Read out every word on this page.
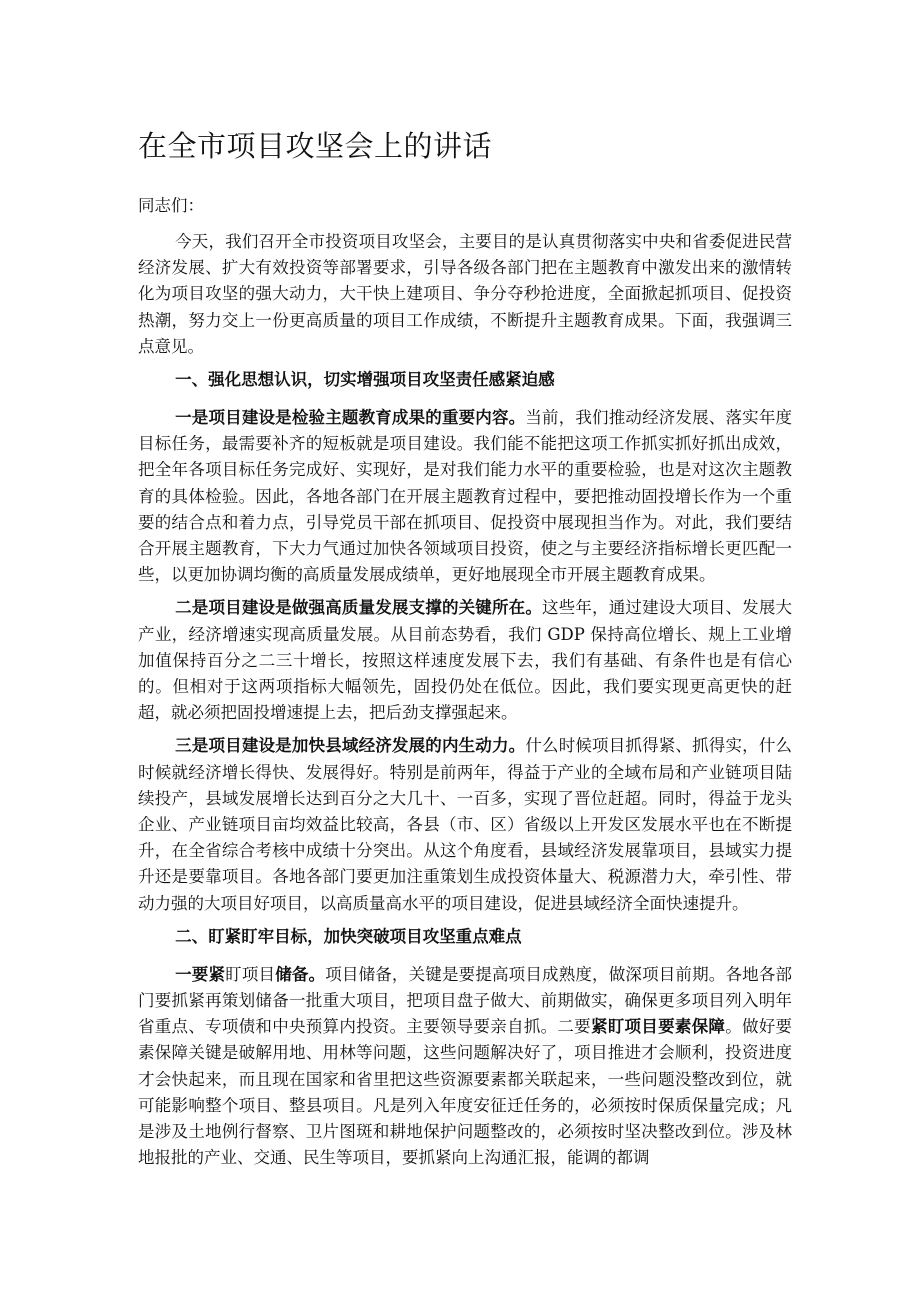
在全市项目攻坚会上的讲话

同志们：

今天，我们召开全市投资项目攻坚会，主要目的是认真贯彻落实中央和省委促进民营经济发展、扩大有效投资等部署要求，引导各级各部门把在主题教育中激发出来的激情转化为项目攻坚的强大动力，大干快上建项目、争分夺秒抢进度，全面掀起抓项目、促投资热潮，努力交上一份更高质量的项目工作成绩，不断提升主题教育成果。下面，我强调三点意见。

一、强化思想认识，切实增强项目攻坚责任感紧迫感

一是项目建设是检验主题教育成果的重要内容。当前，我们推动经济发展、落实年度目标任务，最需要补齐的短板就是项目建设。我们能不能把这项工作抓实抓好抓出成效，把全年各项目标任务完成好、实现好，是对我们能力水平的重要检验，也是对这次主题教育的具体检验。因此，各地各部门在开展主题教育过程中，要把推动固投增长作为一个重要的结合点和着力点，引导党员干部在抓项目、促投资中展现担当作为。对此，我们要结合开展主题教育，下大力气通过加快各领域项目投资，使之与主要经济指标增长更匹配一些，以更加协调均衡的高质量发展成绩单，更好地展现全市开展主题教育成果。

二是项目建设是做强高质量发展支撑的关键所在。这些年，通过建设大项目、发展大产业，经济增速实现高质量发展。从目前态势看，我们 GDP 保持高位增长、规上工业增加值保持百分之二三十增长，按照这样速度发展下去，我们有基础、有条件也是有信心的。但相对于这两项指标大幅领先，固投仍处在低位。因此，我们要实现更高更快的赶超，就必须把固投增速提上去，把后劲支撑强起来。

三是项目建设是加快县域经济发展的内生动力。什么时候项目抓得紧、抓得实，什么时候就经济增长得快、发展得好。特别是前两年，得益于产业的全域布局和产业链项目陆续投产，县域发展增长达到百分之大几十、一百多，实现了晋位赶超。同时，得益于龙头企业、产业链项目亩均效益比较高，各县（市、区）省级以上开发区发展水平也在不断提升，在全省综合考核中成绩十分突出。从这个角度看，县域经济发展靠项目，县域实力提升还是要靠项目。各地各部门要更加注重策划生成投资体量大、税源潜力大，牵引性、带动力强的大项目好项目，以高质量高水平的项目建设，促进县域经济全面快速提升。

二、盯紧盯牢目标，加快突破项目攻坚重点难点

一要紧盯项目储备。项目储备，关键是要提高项目成熟度，做深项目前期。各地各部门要抓紧再策划储备一批重大项目，把项目盘子做大、前期做实，确保更多项目列入明年省重点、专项债和中央预算内投资。主要领导要亲自抓。二要紧盯项目要素保障。做好要素保障关键是破解用地、用林等问题，这些问题解决好了，项目推进才会顺利，投资进度才会快起来，而且现在国家和省里把这些资源要素都关联起来，一些问题没整改到位，就可能影响整个项目、整县项目。凡是列入年度安征迁任务的，必须按时保质保量完成；凡是涉及土地例行督察、卫片图斑和耕地保护问题整改的，必须按时坚决整改到位。涉及林地报批的产业、交通、民生等项目，要抓紧向上沟通汇报，能调的都调
